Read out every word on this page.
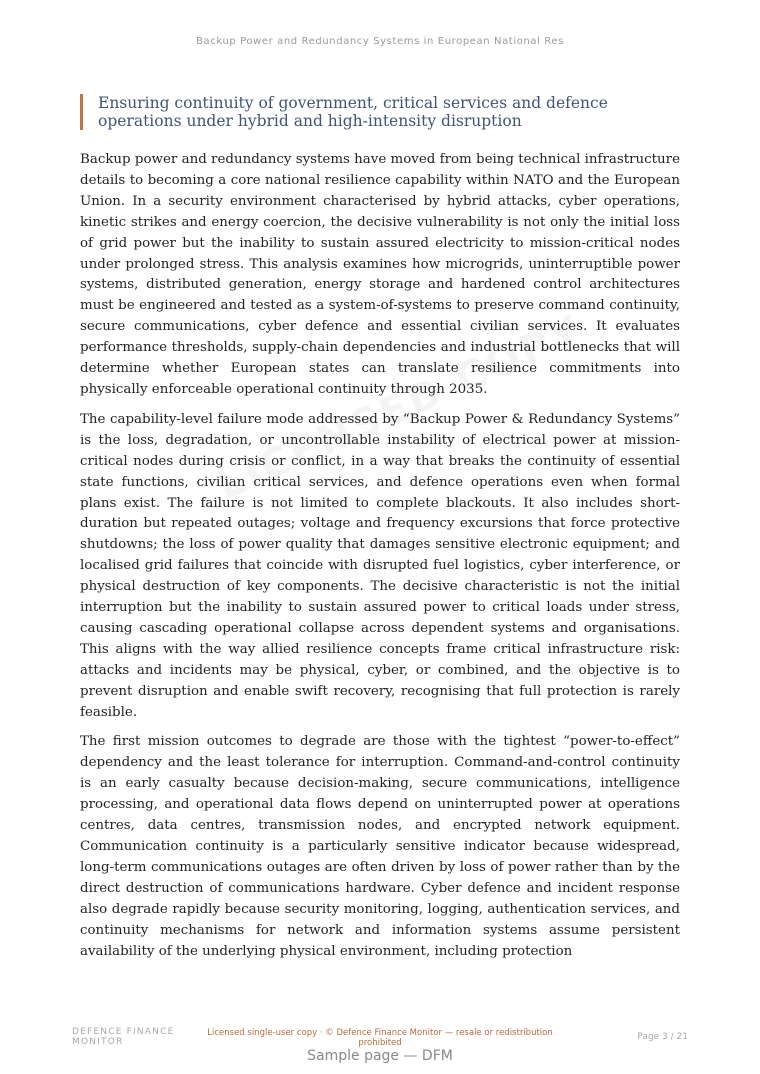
Backup Power and Redundancy Systems in European National Res

Ensuring continuity of government, critical services and defence operations under hybrid and high-intensity disruption

Backup power and redundancy systems have moved from being technical infrastructure details to becoming a core national resilience capability within NATO and the European Union. In a security environment characterised by hybrid attacks, cyber operations, kinetic strikes and energy coercion, the decisive vulnerability is not only the initial loss of grid power but the inability to sustain assured electricity to mission-critical nodes under prolonged stress. This analysis examines how microgrids, uninterruptible power systems, distributed generation, energy storage and hardened control architectures must be engineered and tested as a system-of-systems to preserve command continuity, secure communications, cyber defence and essential civilian services. It evaluates performance thresholds, supply-chain dependencies and industrial bottlenecks that will determine whether European states can translate resilience commitments into physically enforceable operational continuity through 2035.

The capability-level failure mode addressed by “Backup Power & Redundancy Systems” is the loss, degradation, or uncontrollable instability of electrical power at mission-critical nodes during crisis or conflict, in a way that breaks the continuity of essential state functions, civilian critical services, and defence operations even when formal plans exist. The failure is not limited to complete blackouts. It also includes short-duration but repeated outages; voltage and frequency excursions that force protective shutdowns; the loss of power quality that damages sensitive electronic equipment; and localised grid failures that coincide with disrupted fuel logistics, cyber interference, or physical destruction of key components. The decisive characteristic is not the initial interruption but the inability to sustain assured power to critical loads under stress, causing cascading operational collapse across dependent systems and organisations. This aligns with the way allied resilience concepts frame critical infrastructure risk: attacks and incidents may be physical, cyber, or combined, and the objective is to prevent disruption and enable swift recovery, recognising that full protection is rarely feasible.

The first mission outcomes to degrade are those with the tightest “power-to-effect” dependency and the least tolerance for interruption. Command-and-control continuity is an early casualty because decision-making, secure communications, intelligence processing, and operational data flows depend on uninterrupted power at operations centres, data centres, transmission nodes, and encrypted network equipment. Communication continuity is a particularly sensitive indicator because widespread, long-term communications outages are often driven by loss of power rather than by the direct destruction of communications hardware. Cyber defence and incident response also degrade rapidly because security monitoring, logging, authentication services, and continuity mechanisms for network and information systems assume persistent availability of the underlying physical environment, including protection

DEFENCE FINANCE MONITOR
Licensed single-user copy · © Defence Finance Monitor — resale or redistribution prohibited
Page 3 / 21
Sample page — DFM
